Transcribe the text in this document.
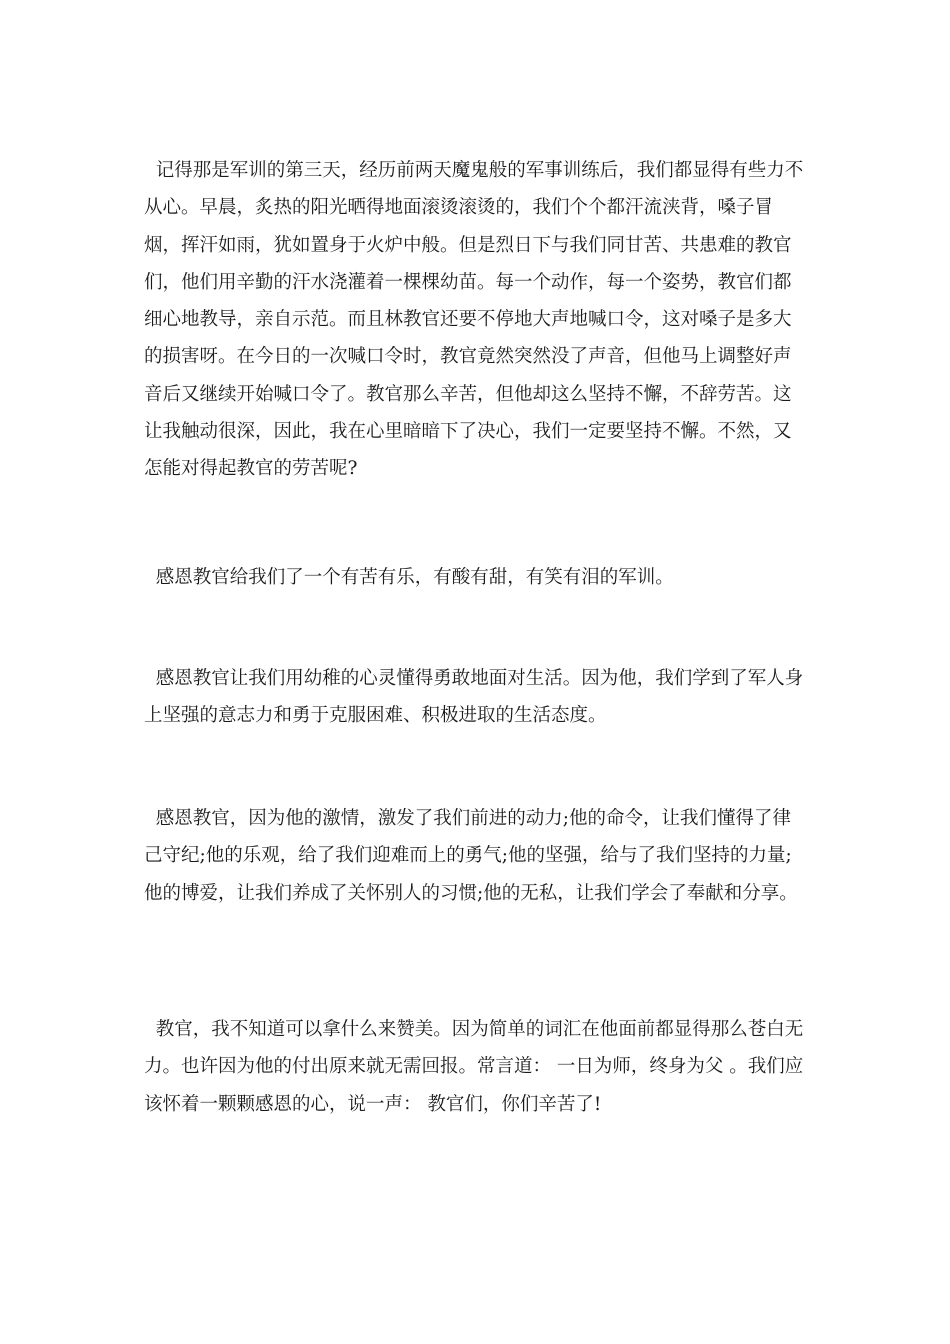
记得那是军训的第三天，经历前两天魔鬼般的军事训练后，我们都显得有些力不从心。早晨，炙热的阳光晒得地面滚烫滚烫的，我们个个都汗流浃背，嗓子冒烟，挥汗如雨，犹如置身于火炉中般。但是烈日下与我们同甘苦、共患难的教官们，他们用辛勤的汗水浇灌着一棵棵幼苗。每一个动作，每一个姿势，教官们都细心地教导，亲自示范。而且林教官还要不停地大声地喊口令，这对嗓子是多大的损害呀。在今日的一次喊口令时，教官竟然突然没了声音，但他马上调整好声音后又继续开始喊口令了。教官那么辛苦，但他却这么坚持不懈，不辞劳苦。这让我触动很深，因此，我在心里暗暗下了决心，我们一定要坚持不懈。不然，又怎能对得起教官的劳苦呢?

感恩教官给我们了一个有苦有乐，有酸有甜，有笑有泪的军训。

感恩教官让我们用幼稚的心灵懂得勇敢地面对生活。因为他，我们学到了军人身上坚强的意志力和勇于克服困难、积极进取的生活态度。

感恩教官，因为他的激情，激发了我们前进的动力;他的命令，让我们懂得了律己守纪;他的乐观，给了我们迎难而上的勇气;他的坚强，给与了我们坚持的力量;他的博爱，让我们养成了关怀别人的习惯;他的无私，让我们学会了奉献和分享。

教官，我不知道可以拿什么来赞美。因为简单的词汇在他面前都显得那么苍白无力。也许因为他的付出原来就无需回报。常言道： 一日为师，终身为父 。我们应该怀着一颗颗感恩的心，说一声： 教官们，你们辛苦了!
